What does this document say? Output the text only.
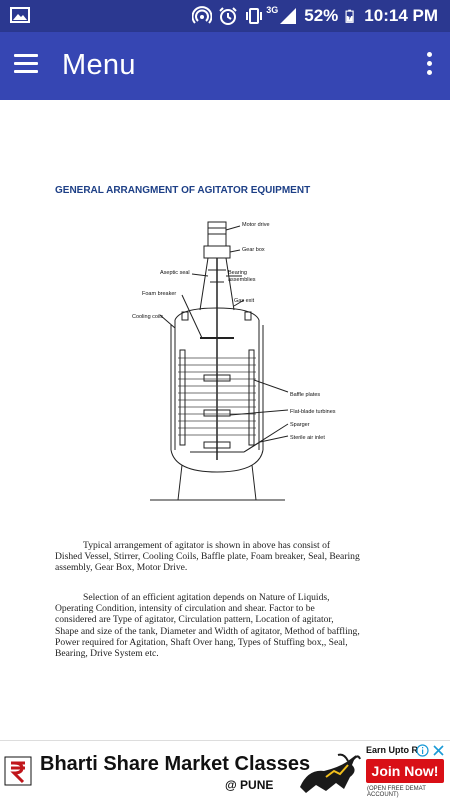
3G 52% 10:14 PM
Menu
GENERAL ARRANGMENT OF AGITATOR EQUIPMENT
Motor drive
Gear box
Aseptic seal	Bearing
assemblies
Foam breaker
Gas exit
Cooling coils
Baffle plates
Flat-blade turbines
Sparger
Sterile air inlet
Typical arrangement of agitator is shown in above has consist of
Dished Vessel, Stirrer, Cooling Coils, Baffle plate, Foam breaker, Seal, Bearing
assembly, Gear Box, Motor Drive.
Selection of an efficient agitation depends on Nature of Liquids,
Operating Condition, intensity of circulation and shear. Factor to be
considered are Type of agitator, Circulation pattern, Location of agitator,
Shape and size of the tank, Diameter and Width of agitator, Method of baffling,
Power required for Agitation, Shaft Over hang, Types of Stuffing box,, Seal,
Bearing, Drive System etc.
Bharti Share Market Classes
@ PUNE
Earn Upto R
Join Now!
(OPEN FREE DEMAT ACCOUNT)
